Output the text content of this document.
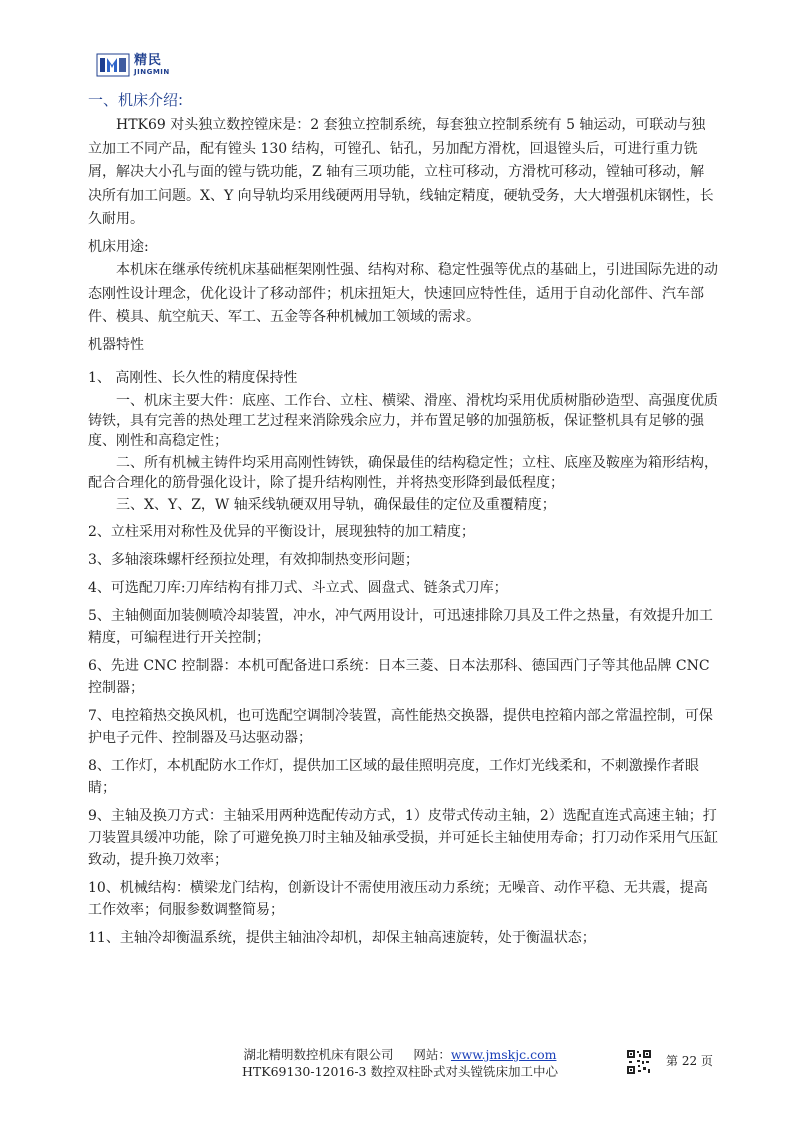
精民
JINGMIN
一、机床介绍:

HTK69 对头独立数控镗床是：2 套独立控制系统，每套独立控制系统有 5 轴运动，可联动与独立加工不同产品，配有镗头 130 结构，可镗孔、钻孔，另加配方滑枕，回退镗头后，可进行重力铣屑，解决大小孔与面的镗与铣功能，Z 轴有三项功能，立柱可移动，方滑枕可移动，镗轴可移动，解决所有加工问题。X、Y 向导轨均采用线硬两用导轨，线轴定精度，硬轨受务，大大增强机床钢性，长久耐用。

机床用途:

本机床在继承传统机床基础框架刚性强、结构对称、稳定性强等优点的基础上，引进国际先进的动态刚性设计理念，优化设计了移动部件；机床扭矩大，快速回应特性佳，适用于自动化部件、汽车部件、模具、航空航天、军工、五金等各种机械加工领域的需求。

机器特性

1、 高刚性、长久性的精度保持性

一、机床主要大件：底座、工作台、立柱、横梁、滑座、滑枕均采用优质树脂砂造型、高强度优质铸铁，具有完善的热处理工艺过程来消除残余应力，并布置足够的加强筋板，保证整机具有足够的强度、刚性和高稳定性；

二、所有机械主铸件均采用高刚性铸铁，确保最佳的结构稳定性；立柱、底座及鞍座为箱形结构，配合合理化的筋骨强化设计，除了提升结构刚性，并将热变形降到最低程度；

三、X、Y、Z，W 轴采线轨硬双用导轨，确保最佳的定位及重覆精度；

2、立柱采用对称性及优异的平衡设计，展现独特的加工精度；

3、多轴滚珠螺杆经预拉处理，有效抑制热变形问题；

4、可选配刀库:刀库结构有排刀式、斗立式、圆盘式、链条式刀库；

5、主轴侧面加装侧喷冷却装置，冲水，冲气两用设计，可迅速排除刀具及工件之热量，有效提升加工精度，可编程进行开关控制；

6、先进 CNC 控制器：本机可配备进口系统：日本三菱、日本法那科、德国西门子等其他品牌 CNC 控制器；

7、电控箱热交换风机，也可选配空调制冷装置，高性能热交换器，提供电控箱内部之常温控制，可保护电子元件、控制器及马达驱动器；

8、工作灯，本机配防水工作灯，提供加工区域的最佳照明亮度，工作灯光线柔和，不刺激操作者眼睛；

9、主轴及换刀方式：主轴采用两种选配传动方式，1）皮带式传动主轴，2）选配直连式高速主轴；打刀装置具缓冲功能，除了可避免换刀时主轴及轴承受损，并可延长主轴使用寿命；打刀动作采用气压缸致动，提升换刀效率；

10、机械结构：横梁龙门结构，创新设计不需使用液压动力系统；无噪音、动作平稳、无共震，提高工作效率；伺服参数调整简易；

11、主轴冷却衡温系统，提供主轴油冷却机，却保主轴高速旋转，处于衡温状态；

湖北精明数控机床有限公司 网站：www.jmskjc.com
HTK69130-12016-3 数控双柱卧式对头镗铣床加工中心
第 22 页
